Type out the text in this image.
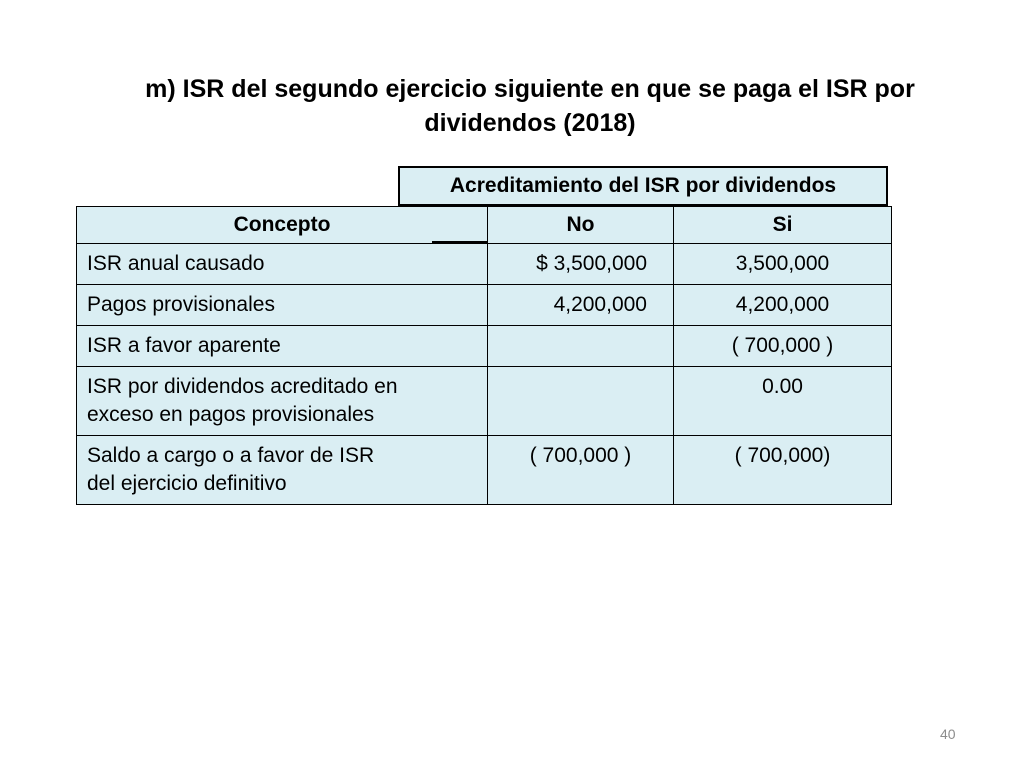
m) ISR del segundo ejercicio siguiente en que se paga el ISR por
dividendos (2018)
Acreditamiento del ISR por dividendos
Concepto	No	Si
ISR anual causado	$ 3,500,000	3,500,000
Pagos provisionales	4,200,000	4,200,000
ISR a favor aparente		( 700,000 )

ISR por dividendos acreditado en
exceso en pagos provisionales		0.00

Saldo a cargo o a favor de ISR
del ejercicio definitivo	( 700,000 )	( 700,000)
40
